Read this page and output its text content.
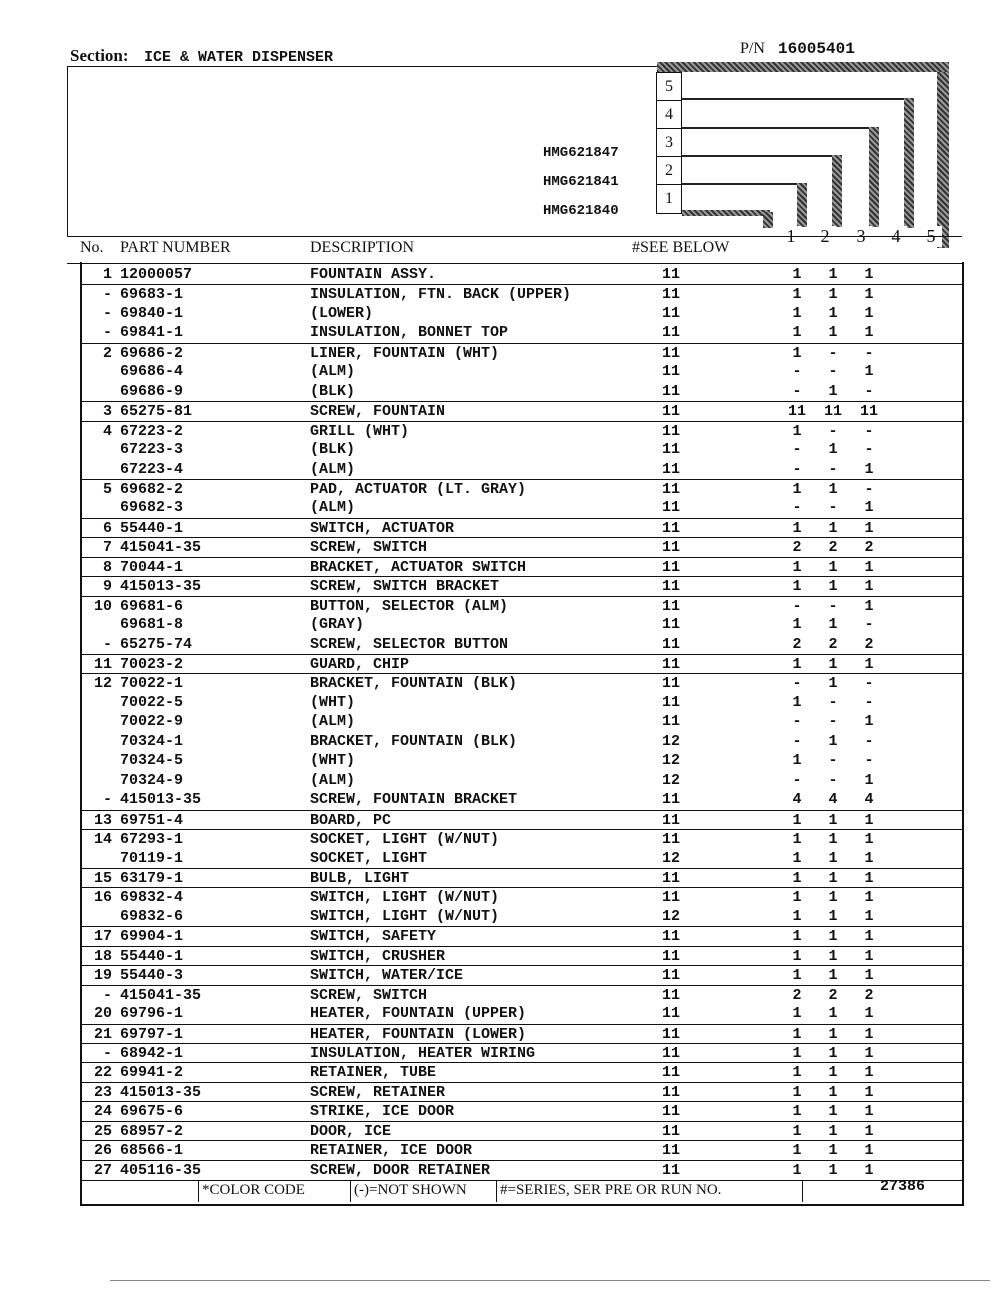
Section: ICE & WATER DISPENSER
P/N 16005401
5
4
3
2
1
HMG621847
HMG621841
HMG621840
1	2	3	4	5
No. PART NUMBER	DESCRIPTION	#SEE BELOW
1 12000057	FOUNTAIN ASSY.	11	1	1	1
- 69683-1	INSULATION, FTN. BACK (UPPER)	11	1	1	1
- 69840-1	(LOWER)	11	1	1	1
- 69841-1	INSULATION, BONNET TOP	11	1	1	1
2 69686-2	LINER, FOUNTAIN (WHT)	11	1	-	-
69686-4	(ALM)	11	-	-	1
69686-9	(BLK)	11	-	1	-
3 65275-81	SCREW, FOUNTAIN	11	11 11 11
4 67223-2	GRILL (WHT)	11	1	-	-
67223-3	(BLK)	11	-	1	-
67223-4	(ALM)	11	-	-	1
5 69682-2	PAD, ACTUATOR (LT. GRAY)	11	1	1	-
69682-3	(ALM)	11	-	-	1
6 55440-1	SWITCH, ACTUATOR	11	1	1	1
7 415041-35	SCREW, SWITCH	11	2	2	2
8 70044-1	BRACKET, ACTUATOR SWITCH	11	1	1	1
9 415013-35	SCREW, SWITCH BRACKET	11	1	1	1
10 69681-6	BUTTON, SELECTOR (ALM)	11	-	-	1
69681-8	(GRAY)	11	1	1	-
- 65275-74	SCREW, SELECTOR BUTTON	11	2	2	2
11 70023-2	GUARD, CHIP	11	1	1	1
12 70022-1	BRACKET, FOUNTAIN (BLK)	11	-	1	-
70022-5	(WHT)	11	1	-	-
70022-9	(ALM)	11	-	-	1
70324-1	BRACKET, FOUNTAIN (BLK)	12	-	1	-
70324-5	(WHT)	12	1	-	-
70324-9	(ALM)	12	-	-	1
- 415013-35	SCREW, FOUNTAIN BRACKET	11	4	4	4
13 69751-4	BOARD, PC	11	1	1	1
14 67293-1	SOCKET, LIGHT (W/NUT)	11	1	1	1
70119-1	SOCKET, LIGHT	12	1	1	1
15 63179-1	BULB, LIGHT	11	1	1	1
16 69832-4	SWITCH, LIGHT (W/NUT)	11	1	1	1
69832-6	SWITCH, LIGHT (W/NUT)	12	1	1	1
17 69904-1	SWITCH, SAFETY	11	1	1	1
18 55440-1	SWITCH, CRUSHER	11	1	1	1
19 55440-3	SWITCH, WATER/ICE	11	1	1	1
- 415041-35	SCREW, SWITCH	11	2	2	2
20 69796-1	HEATER, FOUNTAIN (UPPER)	11	1	1	1
21 69797-1	HEATER, FOUNTAIN (LOWER)	11	1	1	1
- 68942-1	INSULATION, HEATER WIRING	11	1	1	1
22 69941-2	RETAINER, TUBE	11	1	1	1
23 415013-35	SCREW, RETAINER	11	1	1	1
24 69675-6	STRIKE, ICE DOOR	11	1	1	1
25 68957-2	DOOR, ICE	11	1	1	1
26 68566-1	RETAINER, ICE DOOR	11	1	1	1
27 405116-35	SCREW, DOOR RETAINER	11	1	1	1
*COLOR CODE	(-)=NOT SHOWN #=SERIES, SER PRE OR RUN NO.	27386
